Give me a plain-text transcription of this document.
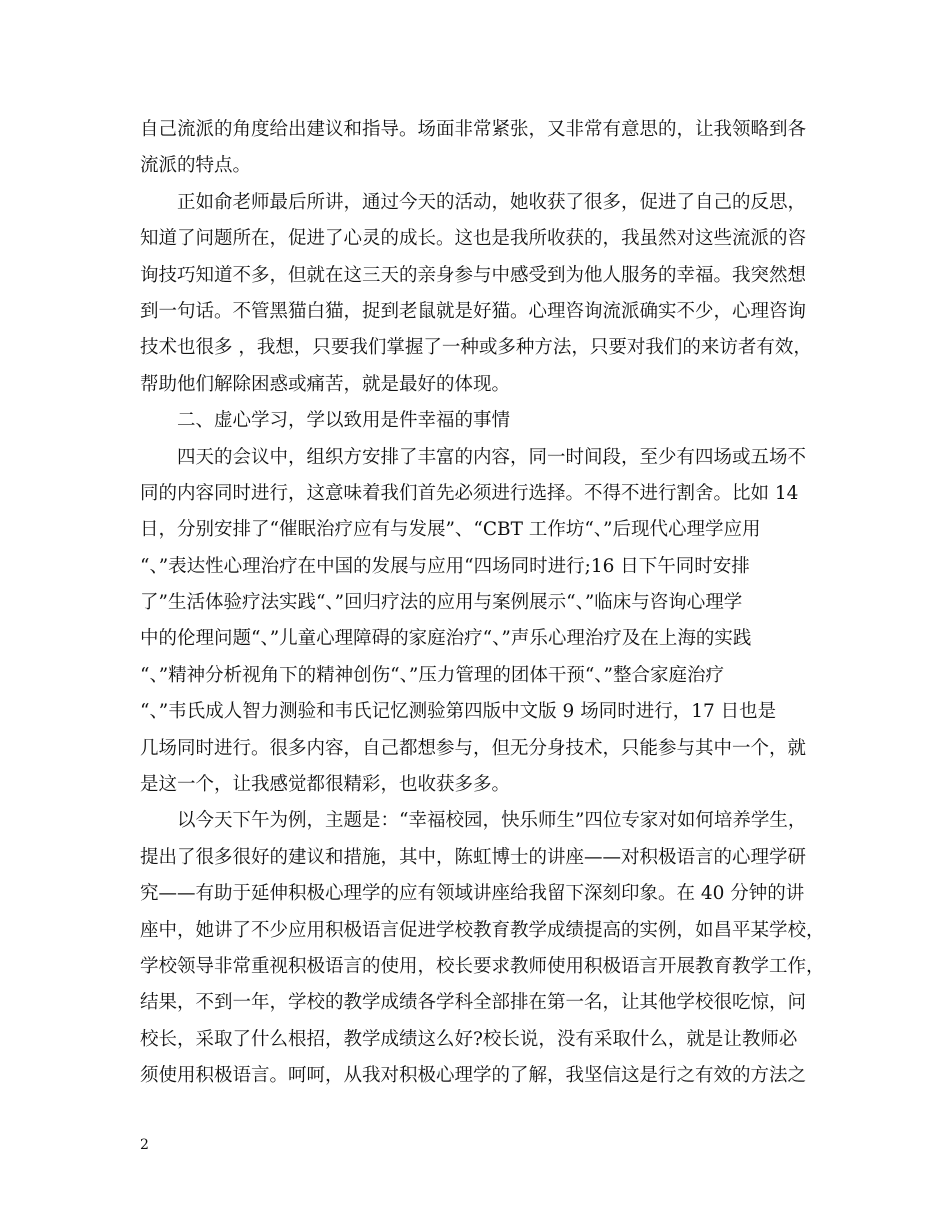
自己流派的角度给出建议和指导。场面非常紧张，又非常有意思的，让我领略到各
流派的特点。
正如俞老师最后所讲，通过今天的活动，她收获了很多，促进了自己的反思，
知道了问题所在，促进了心灵的成长。这也是我所收获的，我虽然对这些流派的咨
询技巧知道不多，但就在这三天的亲身参与中感受到为他人服务的幸福。我突然想
到一句话。不管黑猫白猫，捉到老鼠就是好猫。心理咨询流派确实不少，心理咨询
技术也很多 ，我想，只要我们掌握了一种或多种方法，只要对我们的来访者有效，
帮助他们解除困惑或痛苦，就是最好的体现。
二、虚心学习，学以致用是件幸福的事情
四天的会议中，组织方安排了丰富的内容，同一时间段，至少有四场或五场不
同的内容同时进行，这意味着我们首先必须进行选择。不得不进行割舍。比如 14
日，分别安排了“催眠治疗应有与发展”、“CBT 工作坊“、”后现代心理学应用
“、”表达性心理治疗在中国的发展与应用“四场同时进行;16 日下午同时安排
了”生活体验疗法实践“、”回归疗法的应用与案例展示“、”临床与咨询心理学
中的伦理问题“、”儿童心理障碍的家庭治疗“、”声乐心理治疗及在上海的实践
“、”精神分析视角下的精神创伤“、”压力管理的团体干预“、”整合家庭治疗
“、”韦氏成人智力测验和韦氏记忆测验第四版中文版 9 场同时进行，17 日也是
几场同时进行。很多内容，自己都想参与，但无分身技术，只能参与其中一个，就
是这一个，让我感觉都很精彩，也收获多多。
以今天下午为例，主题是：“幸福校园，快乐师生”四位专家对如何培养学生，
提出了很多很好的建议和措施，其中，陈虹博士的讲座——对积极语言的心理学研
究——有助于延伸积极心理学的应有领域讲座给我留下深刻印象。在 40 分钟的讲
座中，她讲了不少应用积极语言促进学校教育教学成绩提高的实例，如昌平某学校，
学校领导非常重视积极语言的使用，校长要求教师使用积极语言开展教育教学工作，
结果，不到一年，学校的教学成绩各学科全部排在第一名，让其他学校很吃惊，问
校长，采取了什么根招，教学成绩这么好?校长说，没有采取什么，就是让教师必
须使用积极语言。呵呵，从我对积极心理学的了解，我坚信这是行之有效的方法之
2
